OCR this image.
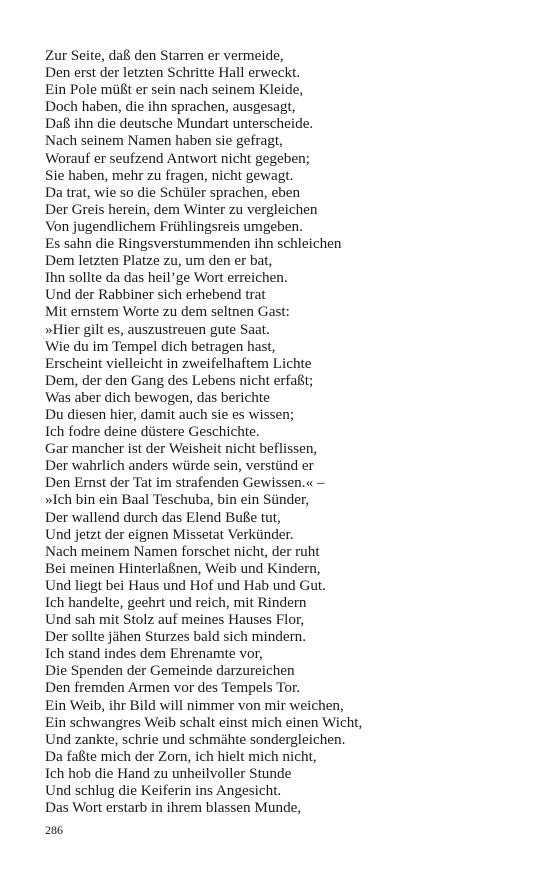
Zur Seite, daß den Starren er vermeide,
Den erst der letzten Schritte Hall erweckt.
Ein Pole müßt er sein nach seinem Kleide,
Doch haben, die ihn sprachen, ausgesagt,
Daß ihn die deutsche Mundart unterscheide.
Nach seinem Namen haben sie gefragt,
Worauf er seufzend Antwort nicht gegeben;
Sie haben, mehr zu fragen, nicht gewagt.
Da trat, wie so die Schüler sprachen, eben
Der Greis herein, dem Winter zu vergleichen
Von jugendlichem Frühlingsreis umgeben.
Es sahn die Ringsverstummenden ihn schleichen
Dem letzten Platze zu, um den er bat,
Ihn sollte da das heil’ge Wort erreichen.
Und der Rabbiner sich erhebend trat
Mit ernstem Worte zu dem seltnen Gast:
»Hier gilt es, auszustreuen gute Saat.
Wie du im Tempel dich betragen hast,
Erscheint vielleicht in zweifelhaftem Lichte
Dem, der den Gang des Lebens nicht erfaßt;
Was aber dich bewogen, das berichte
Du diesen hier, damit auch sie es wissen;
Ich fodre deine düstere Geschichte.
Gar mancher ist der Weisheit nicht beflissen,
Der wahrlich anders würde sein, verstünd er
Den Ernst der Tat im strafenden Gewissen.« –
»Ich bin ein Baal Teschuba, bin ein Sünder,
Der wallend durch das Elend Buße tut,
Und jetzt der eignen Missetat Verkünder.
Nach meinem Namen forschet nicht, der ruht
Bei meinen Hinterlaßnen, Weib und Kindern,
Und liegt bei Haus und Hof und Hab und Gut.
Ich handelte, geehrt und reich, mit Rindern
Und sah mit Stolz auf meines Hauses Flor,
Der sollte jähen Sturzes bald sich mindern.
Ich stand indes dem Ehrenamte vor,
Die Spenden der Gemeinde darzureichen
Den fremden Armen vor des Tempels Tor.
Ein Weib, ihr Bild will nimmer von mir weichen,
Ein schwangres Weib schalt einst mich einen Wicht,
Und zankte, schrie und schmähte sondergleichen.
Da faßte mich der Zorn, ich hielt mich nicht,
Ich hob die Hand zu unheilvoller Stunde
Und schlug die Keiferin ins Angesicht.
Das Wort erstarb in ihrem blassen Munde,
286
